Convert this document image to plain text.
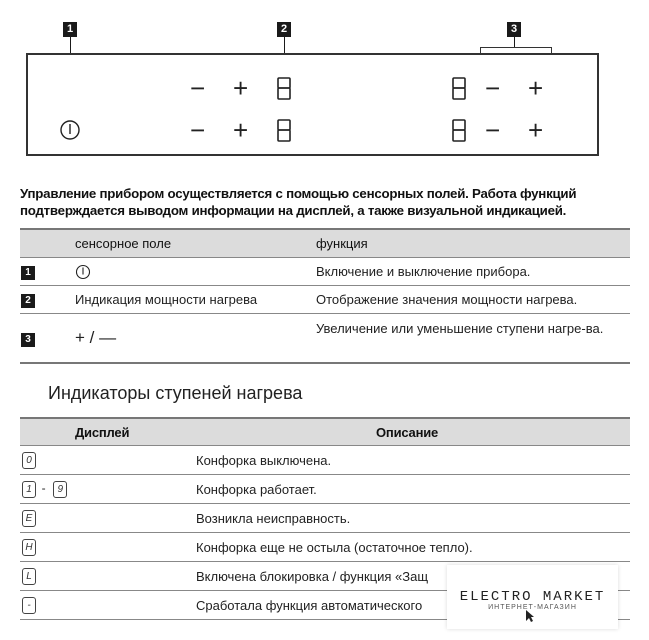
1	2	3
− +	− +
− +	− +
Управление прибором осуществляется с помощью сенсорных полей. Работа функций подтверждается выводом информации на дисплей, а также визуальной индикацией.
	сенсорное поле	функция
1		Включение и выключение прибора.
2	Индикация мощности нагрева	Отображение значения мощности нагрева.
3	+ / —	Увеличение или уменьшение ступени нагре-ва.
Индикаторы ступеней нагрева
Дисплей	Описание
0	Конфорка выключена.
1 - 9	Конфорка работает.
E	Возникла неисправность.
H	Конфорка еще не остыла (остаточное тепло).
L	Включена блокировка / функция «Защ
-	Сработала функция автоматического	ELECTRO MARKET
ИНТЕРНЕТ-МАГАЗИН
